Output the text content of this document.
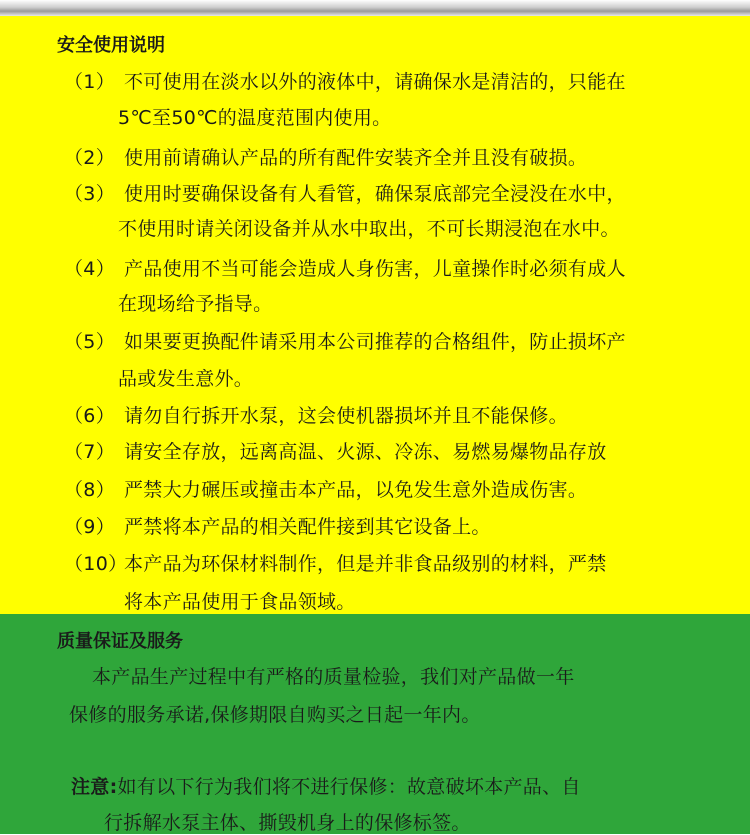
安全使用说明
（1） 不可使用在淡水以外的液体中，请确保水是清洁的，只能在
5℃至50℃的温度范围内使用。
（2） 使用前请确认产品的所有配件安装齐全并且没有破损。
（3） 使用时要确保设备有人看管，确保泵底部完全浸没在水中，
不使用时请关闭设备并从水中取出，不可长期浸泡在水中。
（4） 产品使用不当可能会造成人身伤害，儿童操作时必须有成人
在现场给予指导。
（5） 如果要更换配件请采用本公司推荐的合格组件，防止损坏产
品或发生意外。
（6） 请勿自行拆开水泵，这会使机器损坏并且不能保修。
（7） 请安全存放，远离高温、火源、冷冻、易燃易爆物品存放
（8） 严禁大力碾压或撞击本产品，以免发生意外造成伤害。
（9） 严禁将本产品的相关配件接到其它设备上。
（10）本产品为环保材料制作，但是并非食品级别的材料，严禁
将本产品使用于食品领域。
质量保证及服务
本产品生产过程中有严格的质量检验，我们对产品做一年
保修的服务承诺,保修期限自购买之日起一年内。
注意:如有以下行为我们将不进行保修：故意破坏本产品、自
行拆解水泵主体、撕毁机身上的保修标签。
